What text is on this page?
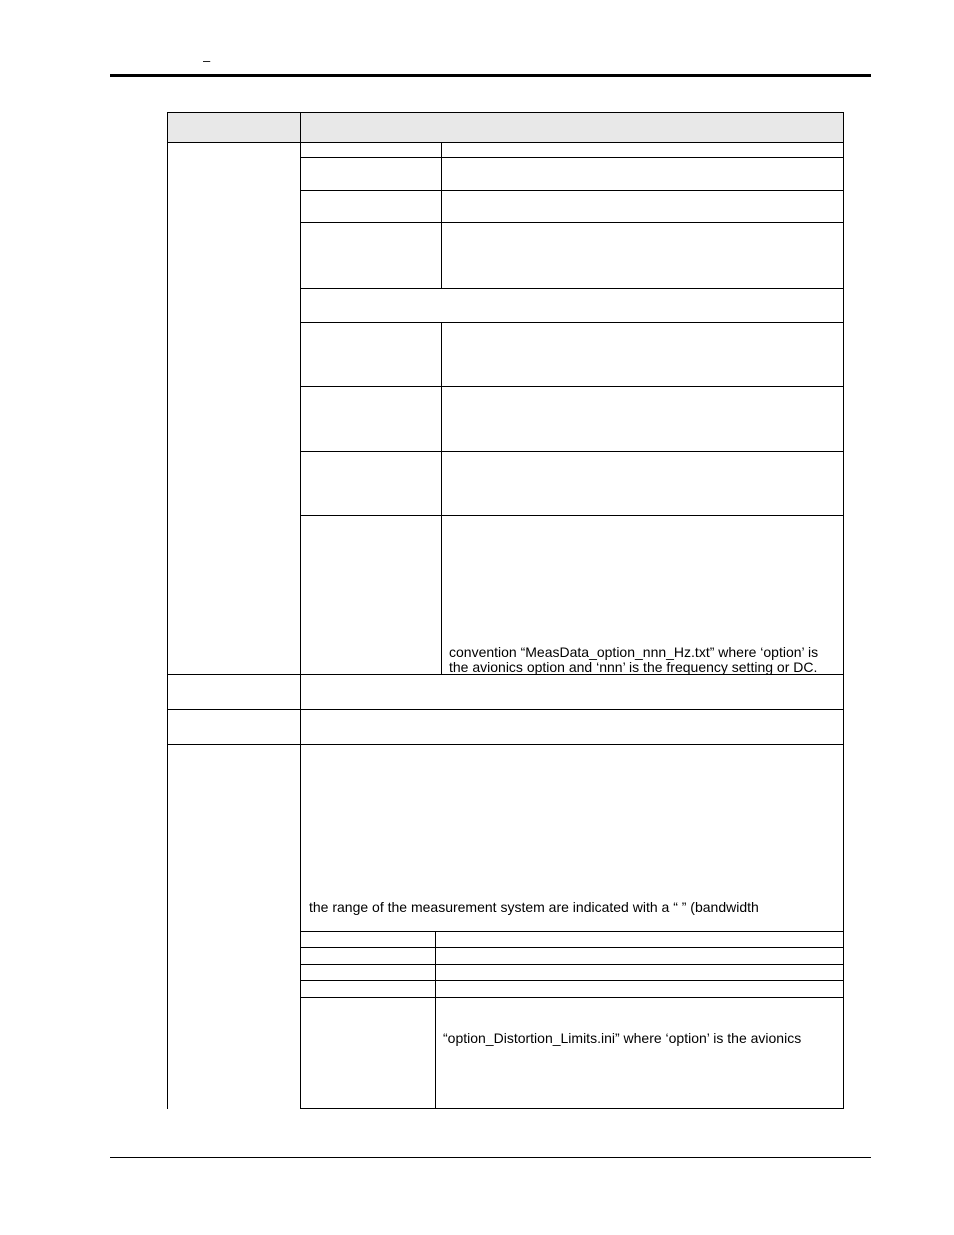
–
convention “MeasData_option_nnn_Hz.txt” where ‘option’ is
the avionics option and ‘nnn’ is the frequency setting or DC.
the range of the measurement system are indicated with a “ ” (bandwidth
“option_Distortion_Limits.ini” where ‘option’ is the avionics
